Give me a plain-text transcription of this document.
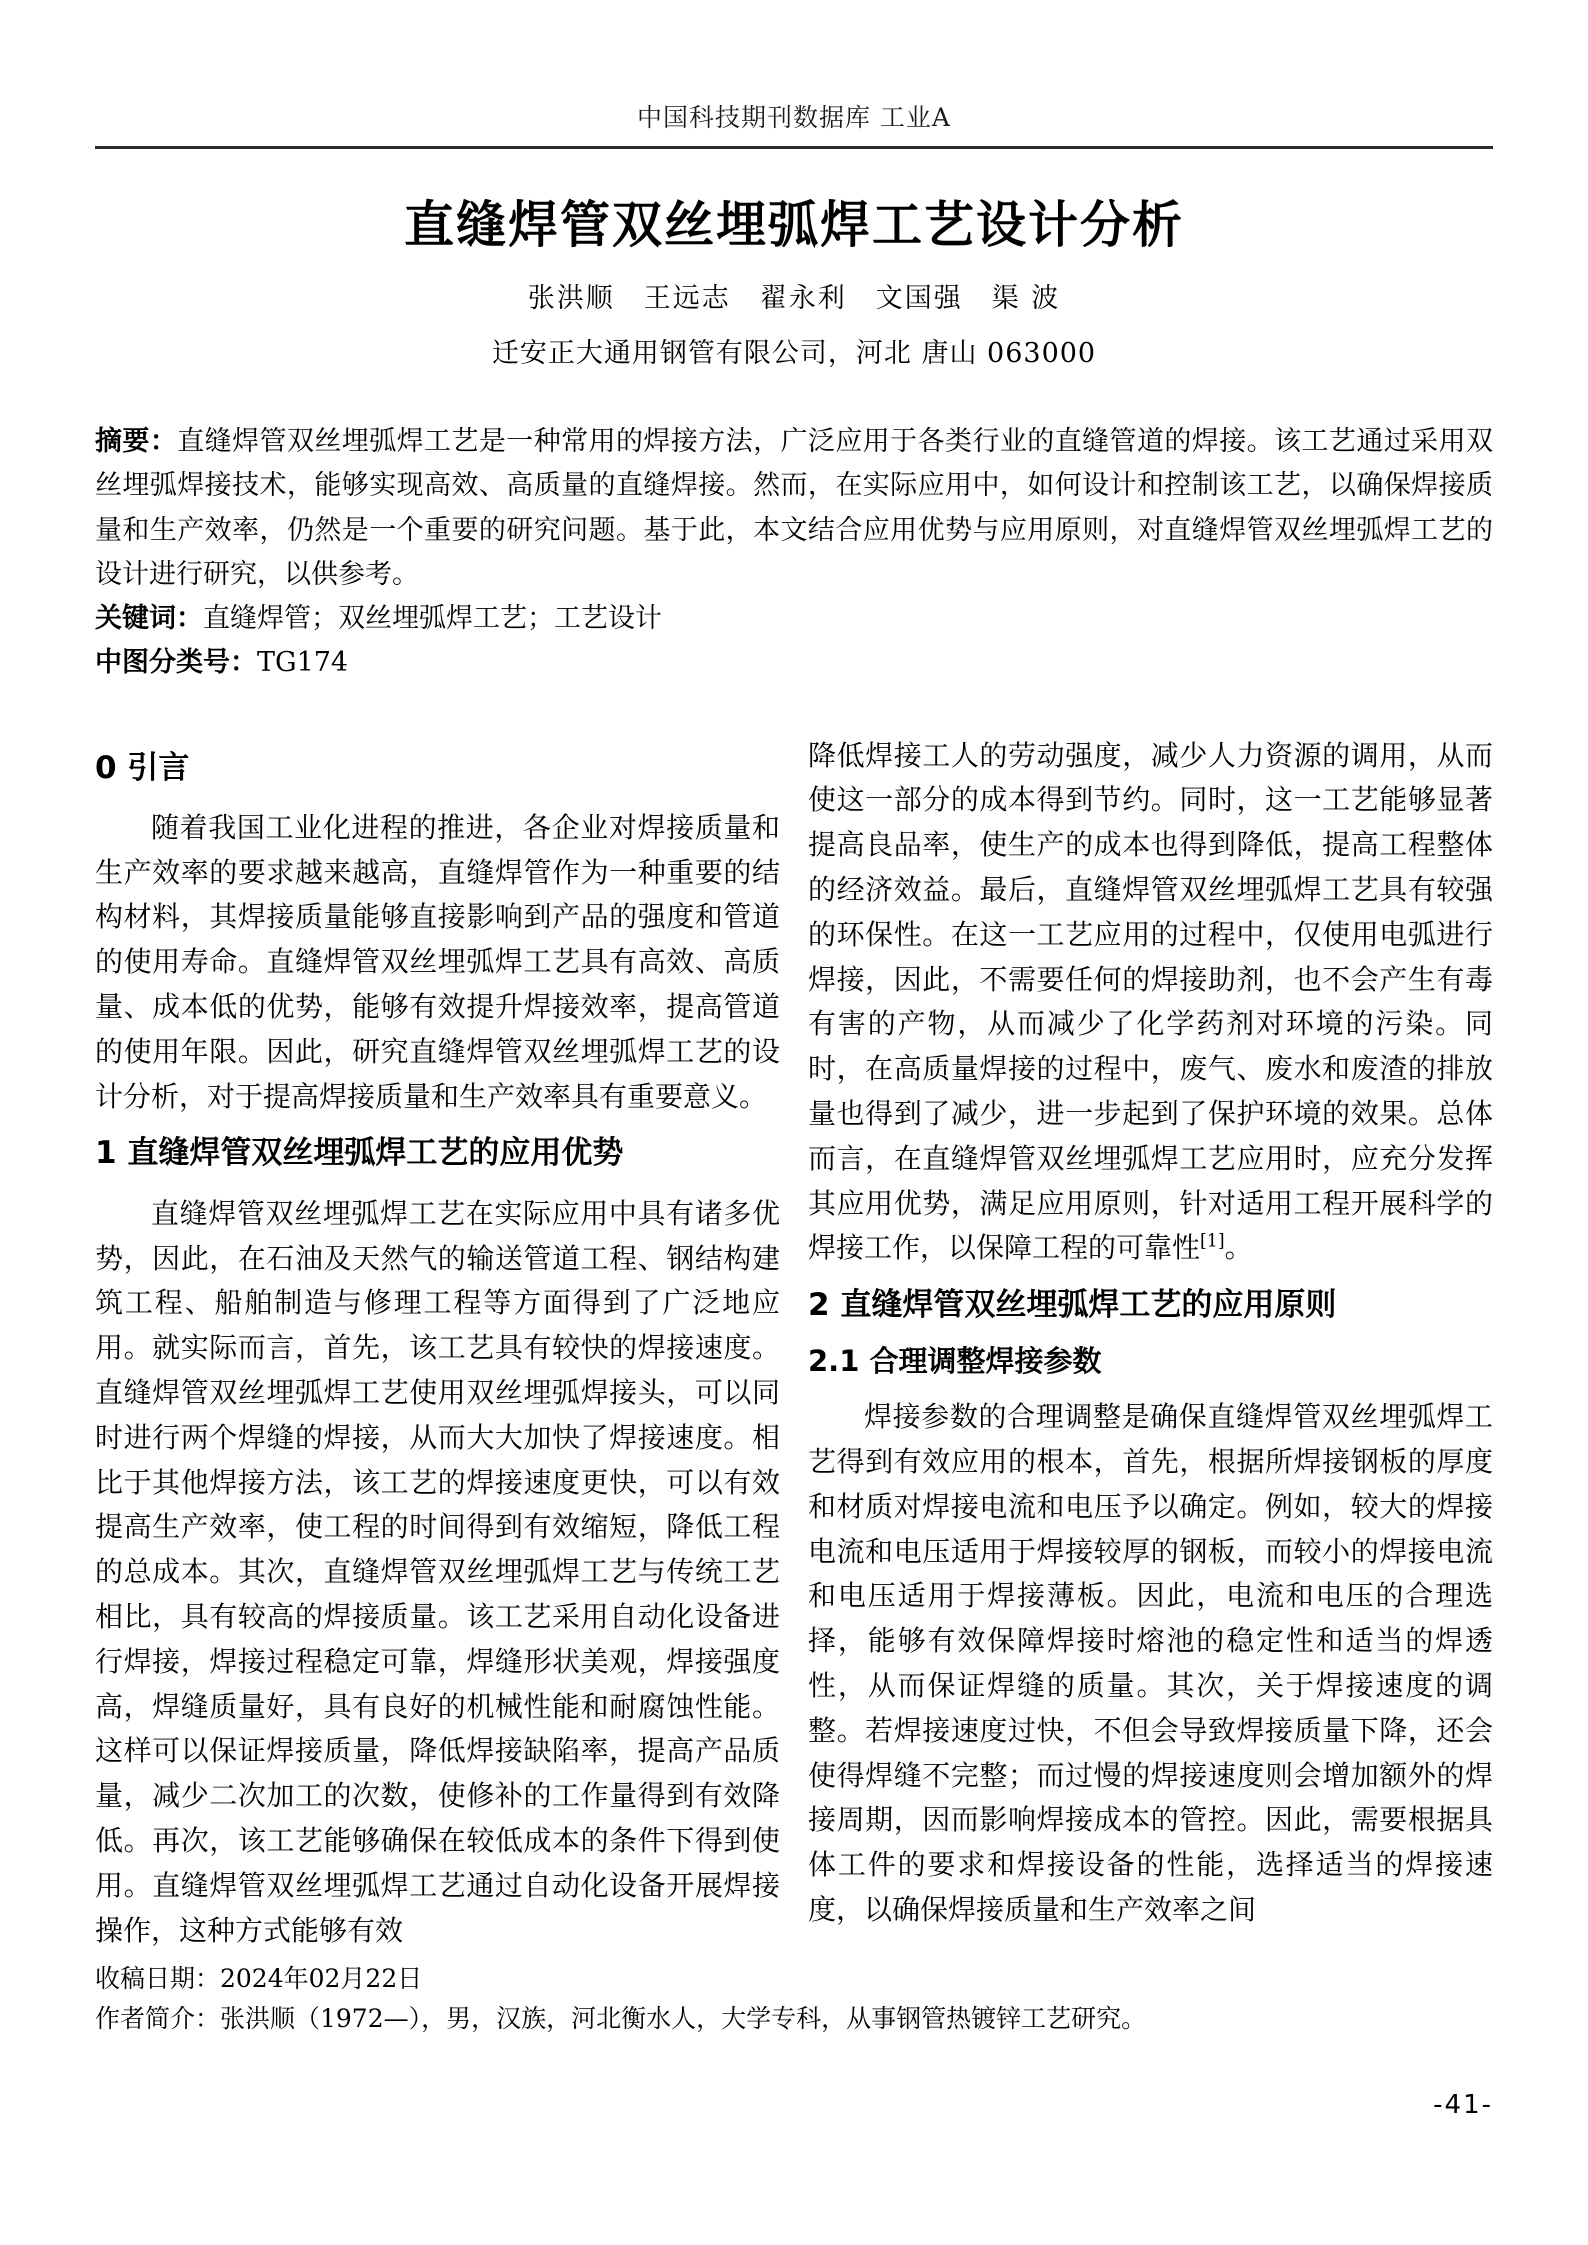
中国科技期刊数据库 工业A
直缝焊管双丝埋弧焊工艺设计分析
张洪顺　王远志　翟永利　文国强　渠 波
迁安正大通用钢管有限公司，河北 唐山 063000
摘要：直缝焊管双丝埋弧焊工艺是一种常用的焊接方法，广泛应用于各类行业的直缝管道的焊接。该工艺通过采用双丝埋弧焊接技术，能够实现高效、高质量的直缝焊接。然而，在实际应用中，如何设计和控制该工艺，以确保焊接质量和生产效率，仍然是一个重要的研究问题。基于此，本文结合应用优势与应用原则，对直缝焊管双丝埋弧焊工艺的设计进行研究，以供参考。
关键词：直缝焊管；双丝埋弧焊工艺；工艺设计
中图分类号：TG174
0 引言

随着我国工业化进程的推进，各企业对焊接质量和生产效率的要求越来越高，直缝焊管作为一种重要的结构材料，其焊接质量能够直接影响到产品的强度和管道的使用寿命。直缝焊管双丝埋弧焊工艺具有高效、高质量、成本低的优势，能够有效提升焊接效率，提高管道的使用年限。因此，研究直缝焊管双丝埋弧焊工艺的设计分析，对于提高焊接质量和生产效率具有重要意义。

1 直缝焊管双丝埋弧焊工艺的应用优势

直缝焊管双丝埋弧焊工艺在实际应用中具有诸多优势，因此，在石油及天然气的输送管道工程、钢结构建筑工程、船舶制造与修理工程等方面得到了广泛地应用。就实际而言，首先，该工艺具有较快的焊接速度。直缝焊管双丝埋弧焊工艺使用双丝埋弧焊接头，可以同时进行两个焊缝的焊接，从而大大加快了焊接速度。相比于其他焊接方法，该工艺的焊接速度更快，可以有效提高生产效率，使工程的时间得到有效缩短，降低工程的总成本。其次，直缝焊管双丝埋弧焊工艺与传统工艺相比，具有较高的焊接质量。该工艺采用自动化设备进行焊接，焊接过程稳定可靠，焊缝形状美观，焊接强度高，焊缝质量好，具有良好的机械性能和耐腐蚀性能。这样可以保证焊接质量，降低焊接缺陷率，提高产品质量，减少二次加工的次数，使修补的工作量得到有效降低。再次，该工艺能够确保在较低成本的条件下得到使用。直缝焊管双丝埋弧焊工艺通过自动化设备开展焊接操作，这种方式能够有效

降低焊接工人的劳动强度，减少人力资源的调用，从而使这一部分的成本得到节约。同时，这一工艺能够显著提高良品率，使生产的成本也得到降低，提高工程整体的经济效益。最后，直缝焊管双丝埋弧焊工艺具有较强的环保性。在这一工艺应用的过程中，仅使用电弧进行焊接，因此，不需要任何的焊接助剂，也不会产生有毒有害的产物，从而减少了化学药剂对环境的污染。同时，在高质量焊接的过程中，废气、废水和废渣的排放量也得到了减少，进一步起到了保护环境的效果。总体而言，在直缝焊管双丝埋弧焊工艺应用时，应充分发挥其应用优势，满足应用原则，针对适用工程开展科学的焊接工作，以保障工程的可靠性[1]。

2 直缝焊管双丝埋弧焊工艺的应用原则
2.1 合理调整焊接参数

焊接参数的合理调整是确保直缝焊管双丝埋弧焊工艺得到有效应用的根本，首先，根据所焊接钢板的厚度和材质对焊接电流和电压予以确定。例如，较大的焊接电流和电压适用于焊接较厚的钢板，而较小的焊接电流和电压适用于焊接薄板。因此，电流和电压的合理选择，能够有效保障焊接时熔池的稳定性和适当的焊透性，从而保证焊缝的质量。其次，关于焊接速度的调整。若焊接速度过快，不但会导致焊接质量下降，还会使得焊缝不完整；而过慢的焊接速度则会增加额外的焊接周期，因而影响焊接成本的管控。因此，需要根据具体工件的要求和焊接设备的性能，选择适当的焊接速度，以确保焊接质量和生产效率之间

收稿日期：2024年02月22日

作者简介：张洪顺（1972—），男，汉族，河北衡水人，大学专科，从事钢管热镀锌工艺研究。

-41-
